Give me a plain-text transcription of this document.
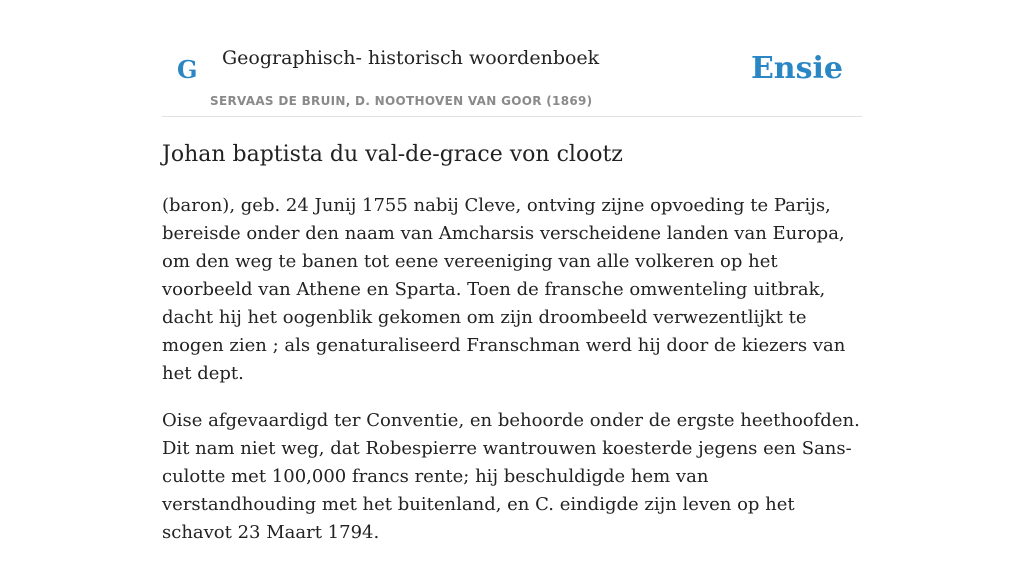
G Geographisch- historisch woordenboek
SERVAAS DE BRUIN, D. NOOTHOVEN VAN GOOR (1869)
Ensie
Johan baptista du val-de-grace von clootz

(baron), geb. 24 Junij 1755 nabij Cleve, ontving zijne opvoeding te Parijs, bereisde onder den naam van Amcharsis verscheidene landen van Europa, om den weg te banen tot eene vereeniging van alle volkeren op het voorbeeld van Athene en Sparta. Toen de fransche omwenteling uitbrak, dacht hij het oogenblik gekomen om zijn droombeeld verwezentlijkt te mogen zien ; als genaturaliseerd Franschman werd hij door de kiezers van het dept.

Oise afgevaardigd ter Conventie, en behoorde onder de ergste heethoofden. Dit nam niet weg, dat Robespierre wantrouwen koesterde jegens een Sans-culotte met 100,000 francs rente; hij beschuldigde hem van verstandhouding met het buitenland, en C. eindigde zijn leven op het schavot 23 Maart 1794.
